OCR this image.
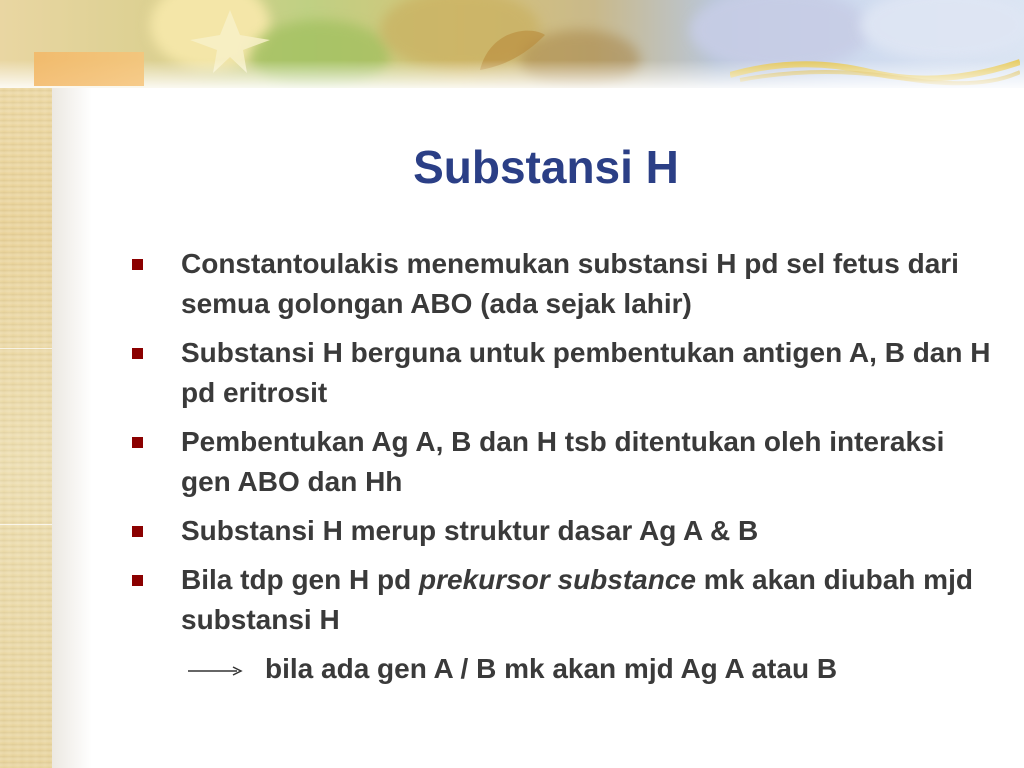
Substansi H
Constantoulakis menemukan substansi H pd sel fetus dari semua golongan ABO (ada sejak lahir)
Substansi H berguna untuk pembentukan antigen A, B dan H pd eritrosit
Pembentukan Ag A, B dan H tsb ditentukan oleh interaksi gen ABO dan Hh
Substansi H merup struktur dasar Ag A & B
Bila tdp gen H pd prekursor substance mk akan diubah mjd substansi H
bila ada gen A / B mk akan mjd Ag A atau B
